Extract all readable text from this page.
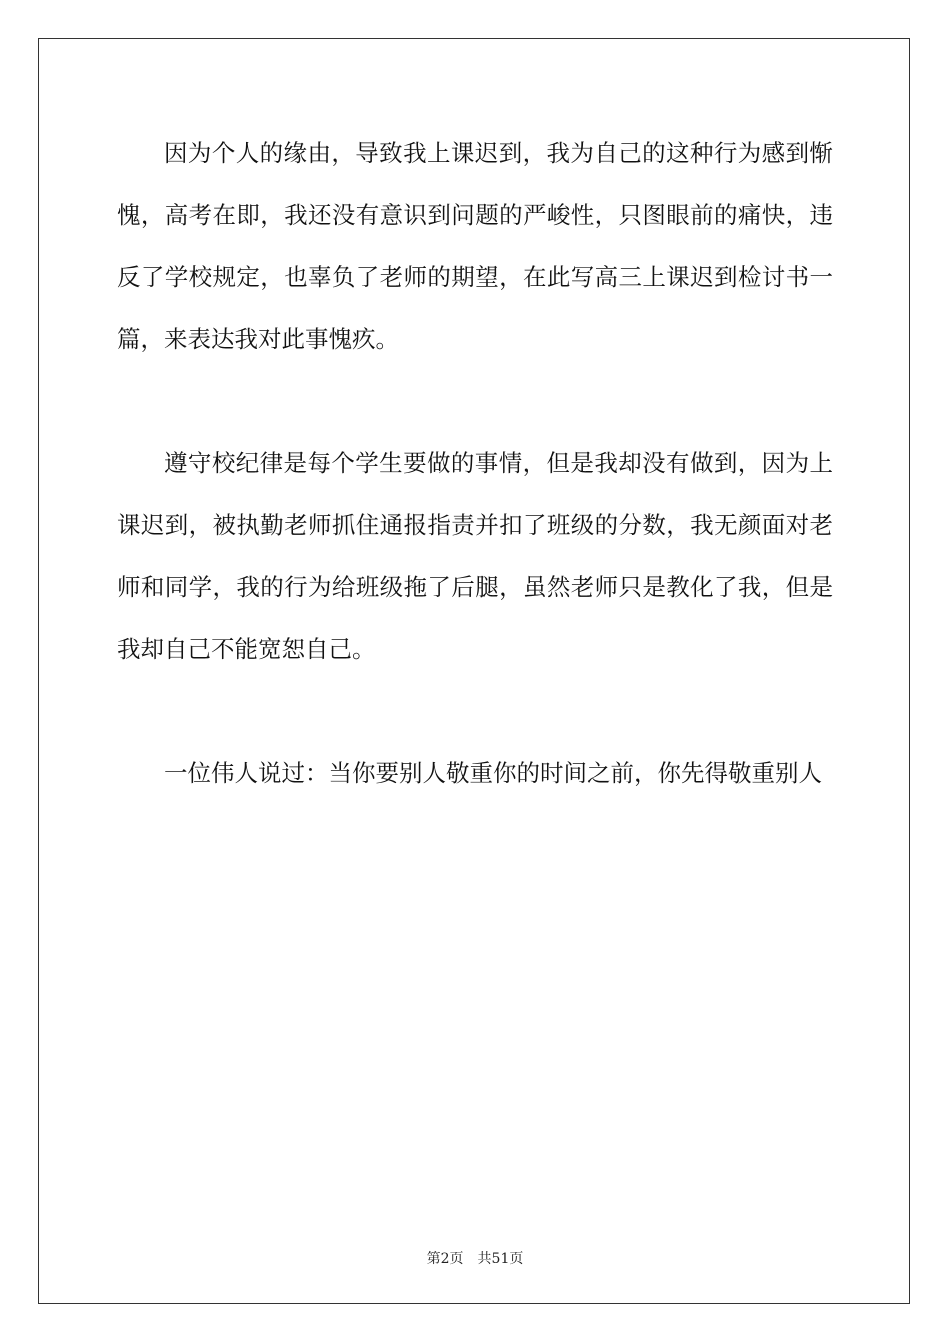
因为个人的缘由，导致我上课迟到，我为自己的这种行为感到惭愧，高考在即，我还没有意识到问题的严峻性，只图眼前的痛快，违反了学校规定，也辜负了老师的期望，在此写高三上课迟到检讨书一篇，来表达我对此事愧疚。

遵守校纪律是每个学生要做的事情，但是我却没有做到，因为上课迟到，被执勤老师抓住通报指责并扣了班级的分数，我无颜面对老师和同学，我的行为给班级拖了后腿，虽然老师只是教化了我，但是我却自己不能宽恕自己。

一位伟人说过：当你要别人敬重你的时间之前，你先得敬重别人

第2页 共51页
